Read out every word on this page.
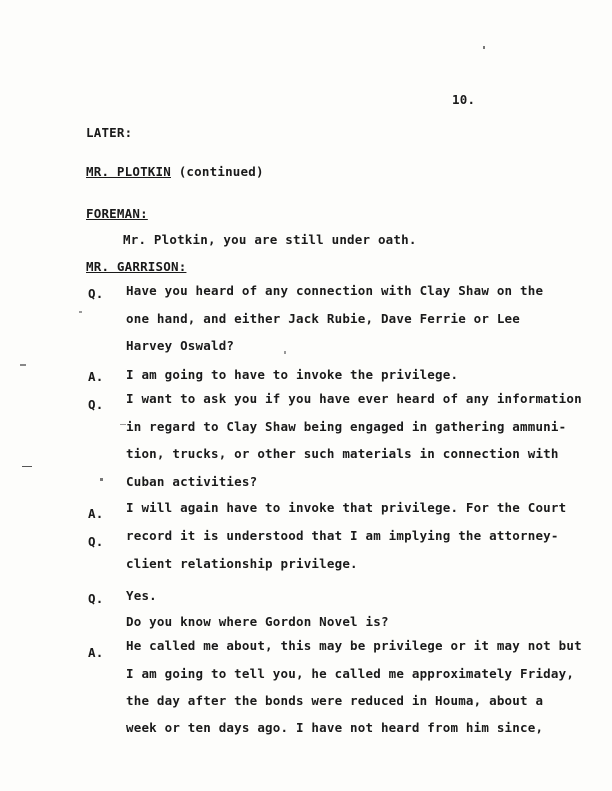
10.
LATER:
MR. PLOTKIN (continued)
FOREMAN:
Mr. Plotkin, you are still under oath.
MR. GARRISON:
Q. Have you heard of any connection with Clay Shaw on the
one hand, and either Jack Rubie, Dave Ferrie or Lee
Harvey Oswald?
A. I am going to have to invoke the privilege.
Q. I want to ask you if you have ever heard of any information
in regard to Clay Shaw being engaged in gathering ammuni-
tion, trucks, or other such materials in connection with
Cuban activities?
A. I will again have to invoke that privilege. For the Court
Q. record it is understood that I am implying the attorney-
client relationship privilege.
Q. Yes.
Do you know where Gordon Novel is?
A. He called me about, this may be privilege or it may not but
I am going to tell you, he called me approximately Friday,
the day after the bonds were reduced in Houma, about a
week or ten days ago. I have not heard from him since,
